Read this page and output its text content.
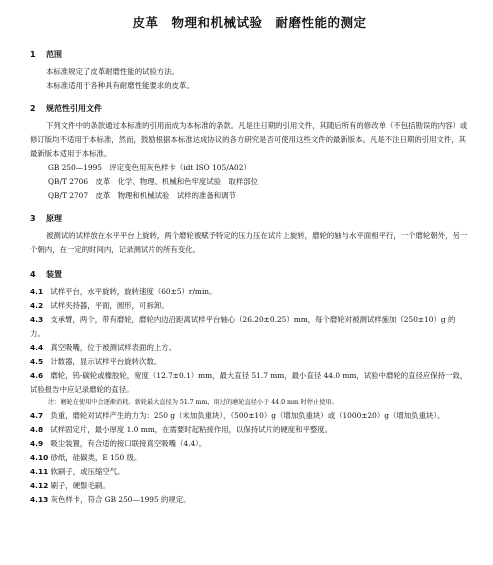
皮革　物理和机械试验　耐磨性能的测定
1 范围
本标准规定了皮革耐磨性能的试验方法。
本标准适用于各种具有耐磨性能要求的皮革。
2 规范性引用文件
下列文件中的条款通过本标准的引用而成为本标准的条款。凡是注日期的引用文件，其随后所有的修改单（不包括勘误的内容）或修订版均不适用于本标准，然而，鼓励根据本标准达成协议的各方研究是否可使用这些文件的最新版本。凡是不注日期的引用文件，其最新版本适用于本标准。
GB 250—1995　评定变色用灰色样卡（idt ISO 105/A02）
QB/T 2706　皮革　化学、物理、机械和色牢度试验　取样部位
QB/T 2707　皮革　物理和机械试验　试样的准备和调节
3 原理
被测试的试样放在水平平台上旋转，两个磨轮被赋予特定的压力压在试片上旋转，磨轮的轴与水平面相平行，一个磨轮朝外，另一个朝内，在一定的时间内，记录测试片的所有变化。
4 装置
4.1 试样平台，水平旋转，旋转速度（60±5）r/min。
4.2 试样夹持器，平面，圆形，可拆卸。
4.3 支承臂，两个，带有磨轮，磨轮内边沿距离试样平台轴心（26.20±0.25）mm，每个磨轮对被测试样施加（250±10）g 的力。
4.4 真空吸嘴，位于被测试样表面的上方。
4.5 计数器，显示试样平台旋转次数。
4.6 磨轮，钨-碳轮或橡胶轮，宽度（12.7±0.1）mm，最大直径 51.7 mm，最小直径 44.0 mm，试验中磨轮的直径应保持一致，试验报告中应记录磨轮的直径。
注：磨轮在使用中会逐渐消耗。新轮最大直径为 51.7 mm，用过的磨轮直径小于 44.0 mm 时停止使用。
4.7 负重，磨轮对试样产生的力为：250 g（未加负重块），（500±10）g（增加负重块）或（1000±20）g（增加负重块）。
4.8 试样固定片，最小厚度 1.0 mm，在需要时起粘接作用，以保持试片的硬度和平整度。
4.9 吸尘装置，有合适的接口联接真空吸嘴（4.4）。
4.10 砂纸，硅碳类，E 150 级。
4.11 软刷子，或压缩空气。
4.12 刷子，硬鬃毛刷。
4.13 灰色样卡，符合 GB 250—1995 的规定。
